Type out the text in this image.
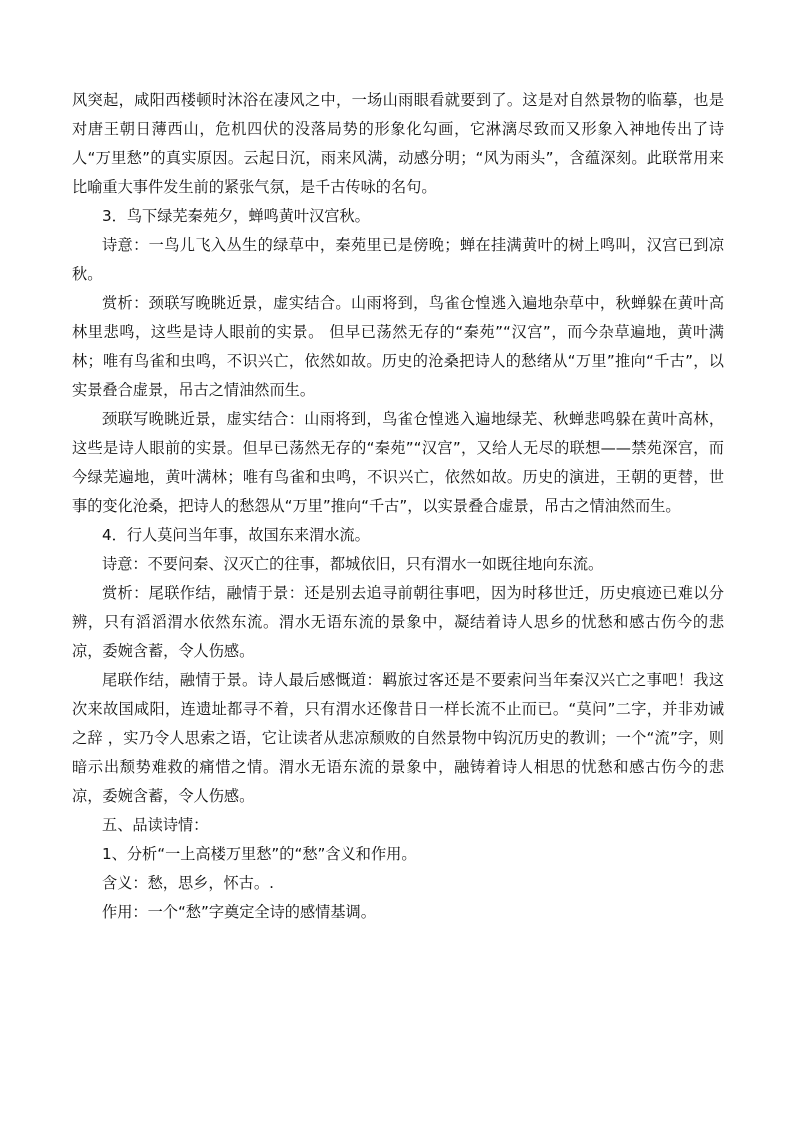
风突起，咸阳西楼顿时沐浴在凄风之中，一场山雨眼看就要到了。这是对自然景物的临摹，也是对唐王朝日薄西山，危机四伏的没落局势的形象化勾画，它淋漓尽致而又形象入神地传出了诗人“万里愁”的真实原因。云起日沉，雨来风满，动感分明；“风为雨头”，含蕴深刻。此联常用来比喻重大事件发生前的紧张气氛，是千古传咏的名句。

3．鸟下绿芜秦苑夕，蝉鸣黄叶汉宫秋。

诗意：一鸟儿飞入丛生的绿草中，秦苑里已是傍晚；蝉在挂满黄叶的树上鸣叫，汉宫已到凉秋。

赏析：颈联写晚眺近景，虚实结合。山雨将到，鸟雀仓惶逃入遍地杂草中，秋蝉躲在黄叶高林里悲鸣，这些是诗人眼前的实景。 但早已荡然无存的“秦苑”“汉宫”，而今杂草遍地，黄叶满林；唯有鸟雀和虫鸣，不识兴亡，依然如故。历史的沧桑把诗人的愁绪从“万里”推向“千古”，以实景叠合虚景，吊古之情油然而生。

颈联写晚眺近景，虚实结合：山雨将到，鸟雀仓惶逃入遍地绿芜、秋蝉悲鸣躲在黄叶高林，这些是诗人眼前的实景。但早已荡然无存的“秦苑”“汉宫”，又给人无尽的联想——禁苑深宫，而今绿芜遍地，黄叶满林；唯有鸟雀和虫鸣，不识兴亡，依然如故。历史的演进，王朝的更替，世事的变化沧桑，把诗人的愁怨从“万里”推向“千古”，以实景叠合虚景，吊古之情油然而生。

4．行人莫问当年事，故国东来渭水流。

诗意：不要问秦、汉灭亡的往事，都城依旧，只有渭水一如既往地向东流。

赏析：尾联作结，融情于景：还是别去追寻前朝往事吧，因为时移世迁，历史痕迹已难以分辨，只有滔滔渭水依然东流。渭水无语东流的景象中，凝结着诗人思乡的忧愁和感古伤今的悲凉，委婉含蓄，令人伤感。

尾联作结，融情于景。诗人最后感慨道：羁旅过客还是不要索问当年秦汉兴亡之事吧！我这次来故国咸阳，连遗址都寻不着，只有渭水还像昔日一样长流不止而已。“莫问”二字，并非劝诫之辞 ，实乃令人思索之语，它让读者从悲凉颓败的自然景物中钩沉历史的教训；一个“流”字，则暗示出颓势难救的痛惜之情。渭水无语东流的景象中，融铸着诗人相思的忧愁和感古伤今的悲凉，委婉含蓄，令人伤感。

五、品读诗情：

1、分析“一上高楼万里愁”的“愁”含义和作用。

含义：愁，思乡，怀古。.

作用：一个“愁”字奠定全诗的感情基调。
